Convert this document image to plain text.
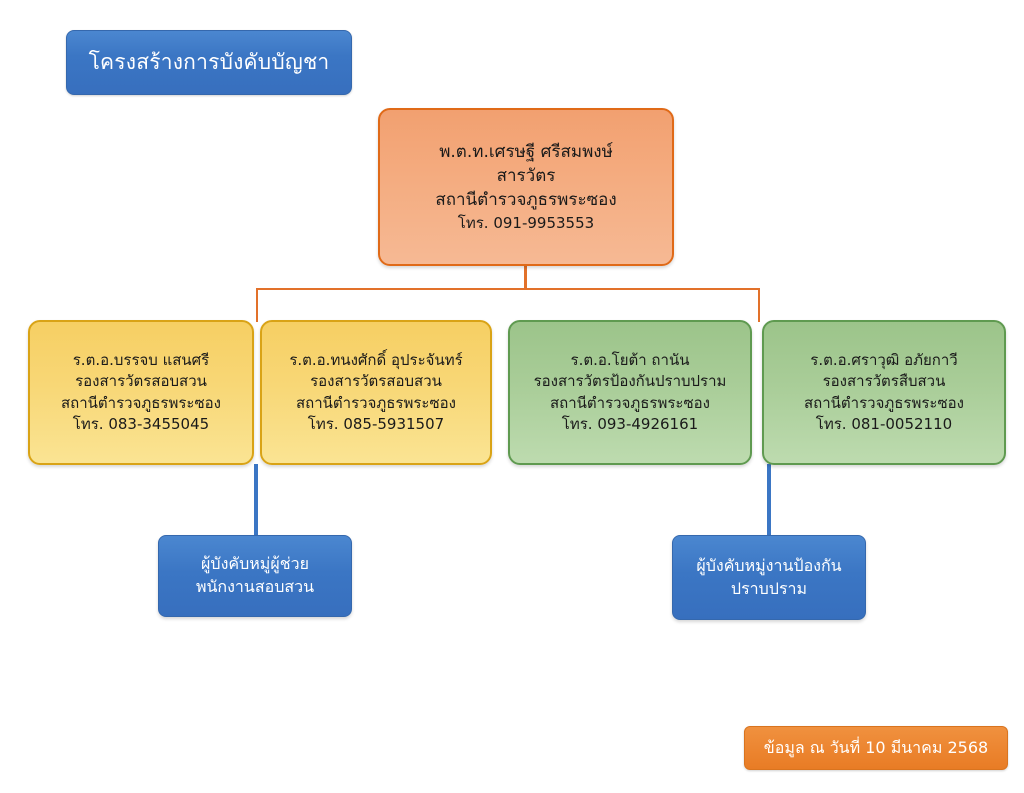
โครงสร้างการบังคับบัญชา
พ.ต.ท.เศรษฐี ศรีสมพงษ์
สารวัตร
สถานีตำรวจภูธรพระซอง
โทร. 091-9953553
ร.ต.อ.บรรจบ แสนศรี
รองสารวัตรสอบสวน
สถานีตำรวจภูธรพระซอง
โทร. 083-3455045
ร.ต.อ.ทนงศักดิ์ อุประจันทร์
รองสารวัตรสอบสวน
สถานีตำรวจภูธรพระซอง
โทร. 085-5931507
ร.ต.อ.โยต้า ถานัน
รองสารวัตรป้องกันปราบปราม
สถานีตำรวจภูธรพระซอง
โทร. 093-4926161
ร.ต.อ.ศราวุฒิ อภัยกาวี
รองสารวัตรสืบสวน
สถานีตำรวจภูธรพระซอง
โทร. 081-0052110
ผู้บังคับหมู่ผู้ช่วย
พนักงานสอบสวน
ผู้บังคับหมู่งานป้องกัน
ปราบปราม
ข้อมูล ณ วันที่ 10 มีนาคม 2568
